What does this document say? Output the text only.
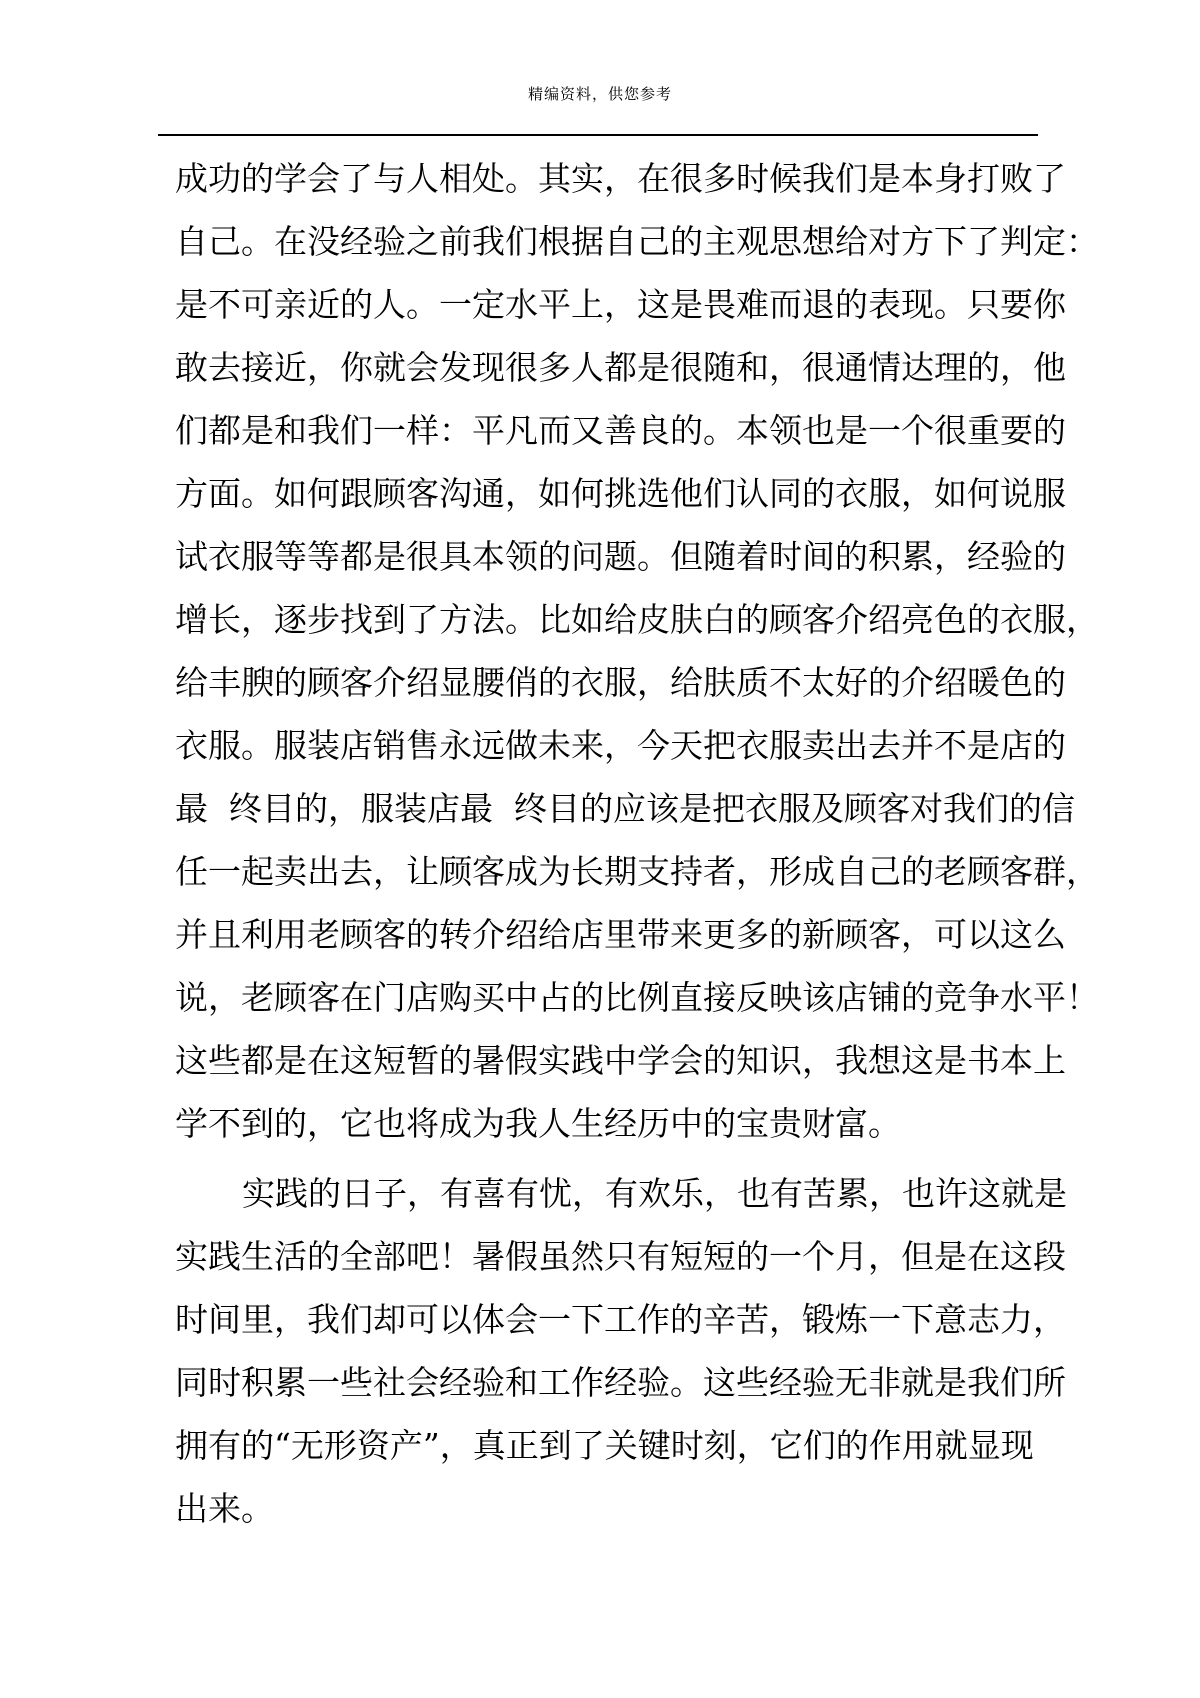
精编资料，供您参考
成功的学会了与人相处。其实，在很多时候我们是本身打败了
自己。在没经验之前我们根据自己的主观思想给对方下了判定：
是不可亲近的人。一定水平上，这是畏难而退的表现。只要你
敢去接近，你就会发现很多人都是很随和，很通情达理的，他
们都是和我们一样：平凡而又善良的。本领也是一个很重要的
方面。如何跟顾客沟通，如何挑选他们认同的衣服，如何说服
试衣服等等都是很具本领的问题。但随着时间的积累，经验的
增长，逐步找到了方法。比如给皮肤白的顾客介绍亮色的衣服，
给丰腴的顾客介绍显腰俏的衣服，给肤质不太好的介绍暖色的
衣服。服装店销售永远做未来，今天把衣服卖出去并不是店的
最  终目的，服装店最  终目的应该是把衣服及顾客对我们的信
任一起卖出去，让顾客成为长期支持者，形成自己的老顾客群，
并且利用老顾客的转介绍给店里带来更多的新顾客，可以这么
说，老顾客在门店购买中占的比例直接反映该店铺的竞争水平！
这些都是在这短暂的暑假实践中学会的知识，我想这是书本上
学不到的，它也将成为我人生经历中的宝贵财富。
实践的日子，有喜有忧，有欢乐，也有苦累，也许这就是
实践生活的全部吧！暑假虽然只有短短的一个月，但是在这段
时间里，我们却可以体会一下工作的辛苦，锻炼一下意志力，
同时积累一些社会经验和工作经验。这些经验无非就是我们所
拥有的“无形资产”，真正到了关键时刻，它们的作用就显现
出来。
